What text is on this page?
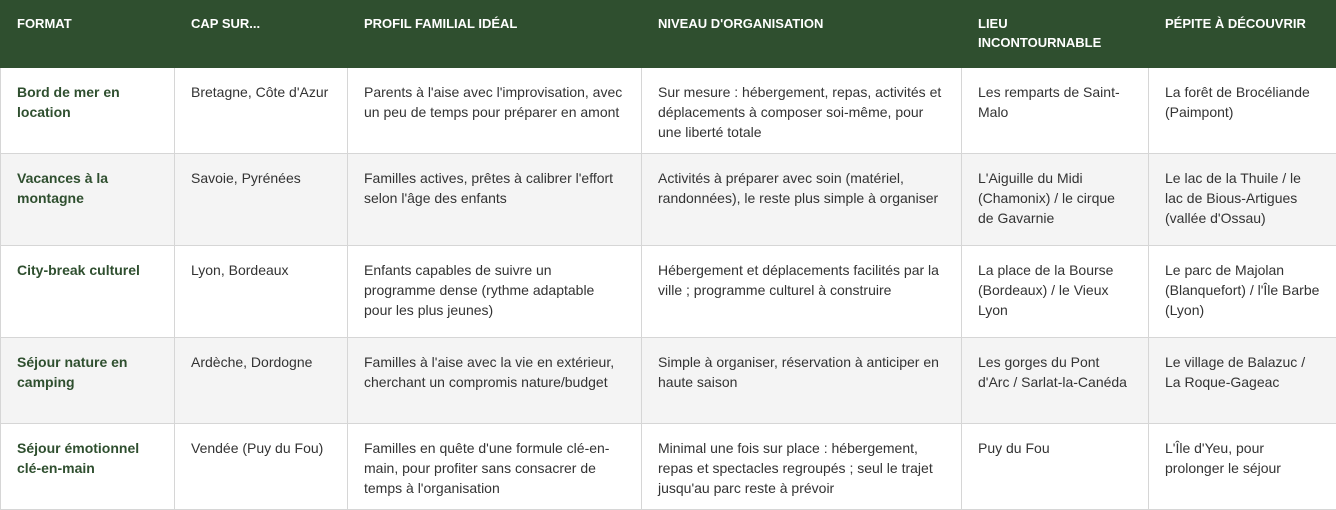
FORMAT	CAP SUR...	PROFIL FAMILIAL IDÉAL	NIVEAU D'ORGANISATION	LIEU INCONTOURNABLE	PÉPITE À DÉCOUVRIR
Bord de mer en location	Bretagne, Côte d'Azur	Parents à l'aise avec l'improvisation, avec un peu de temps pour préparer en amont	Sur mesure : hébergement, repas, activités et déplacements à composer soi-même, pour une liberté totale	Les remparts de Saint-Malo	La forêt de Brocéliande (Paimpont)
Vacances à la montagne	Savoie, Pyrénées	Familles actives, prêtes à calibrer l'effort selon l'âge des enfants	Activités à préparer avec soin (matériel, randonnées), le reste plus simple à organiser	L'Aiguille du Midi (Chamonix) / le cirque de Gavarnie	Le lac de la Thuile / le lac de Bious-Artigues (vallée d'Ossau)
City-break culturel	Lyon, Bordeaux	Enfants capables de suivre un programme dense (rythme adaptable pour les plus jeunes)	Hébergement et déplacements facilités par la ville ; programme culturel à construire	La place de la Bourse (Bordeaux) / le Vieux Lyon	Le parc de Majolan (Blanquefort) / l'Île Barbe (Lyon)
Séjour nature en camping	Ardèche, Dordogne	Familles à l'aise avec la vie en extérieur, cherchant un compromis nature/budget	Simple à organiser, réservation à anticiper en haute saison	Les gorges du Pont d'Arc / Sarlat-la-Canéda	Le village de Balazuc / La Roque-Gageac
Séjour émotionnel clé-en-main	Vendée (Puy du Fou)	Familles en quête d'une formule clé-en-main, pour profiter sans consacrer de temps à l'organisation	Minimal une fois sur place : hébergement, repas et spectacles regroupés ; seul le trajet jusqu'au parc reste à prévoir	Puy du Fou	L'Île d'Yeu, pour prolonger le séjour
